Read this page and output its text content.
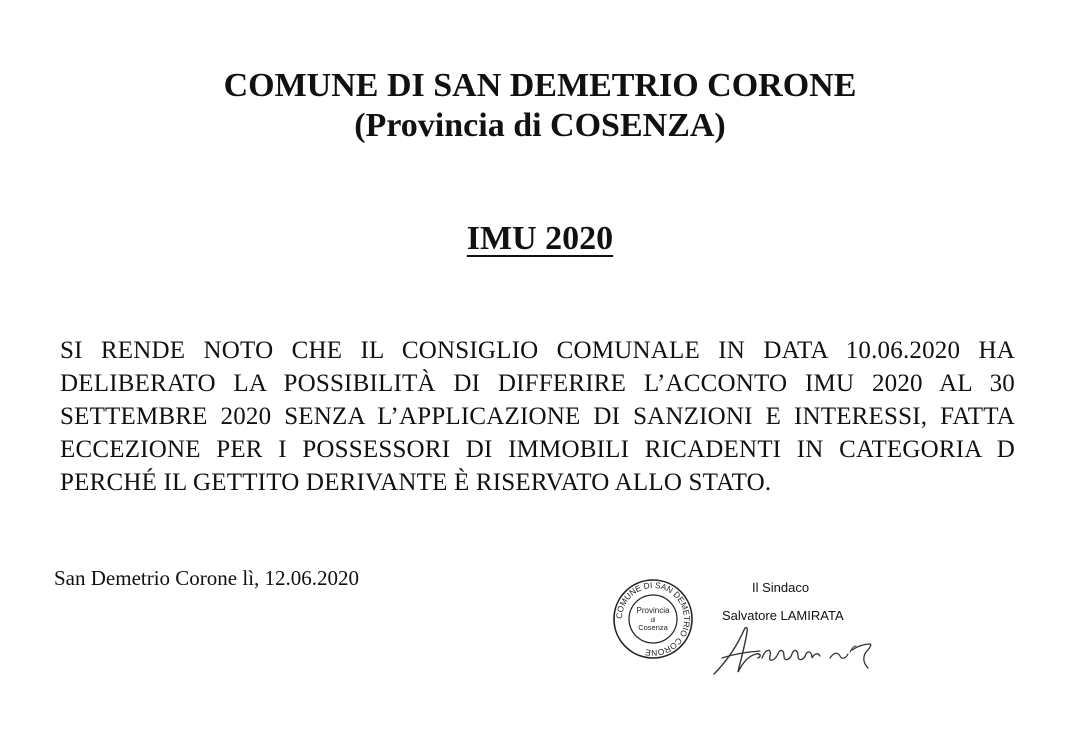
COMUNE DI SAN DEMETRIO CORONE
(Provincia di COSENZA)
IMU 2020
SI RENDE NOTO CHE IL CONSIGLIO COMUNALE IN DATA 10.06.2020 HA DELIBERATO LA POSSIBILITÀ DI DIFFERIRE L’ACCONTO IMU 2020 AL 30 SETTEMBRE 2020 SENZA L’APPLICAZIONE DI SANZIONI E INTERESSI, FATTA ECCEZIONE PER I POSSESSORI DI IMMOBILI RICADENTI IN CATEGORIA D PERCHÉ IL GETTITO DERIVANTE È RISERVATO ALLO STATO.
San Demetrio Corone lì, 12.06.2020
COMUNE DI SAN DEMETRIO CORONE
Provincia
di
Cosenza
Il Sindaco
Salvatore LAMIRATA
